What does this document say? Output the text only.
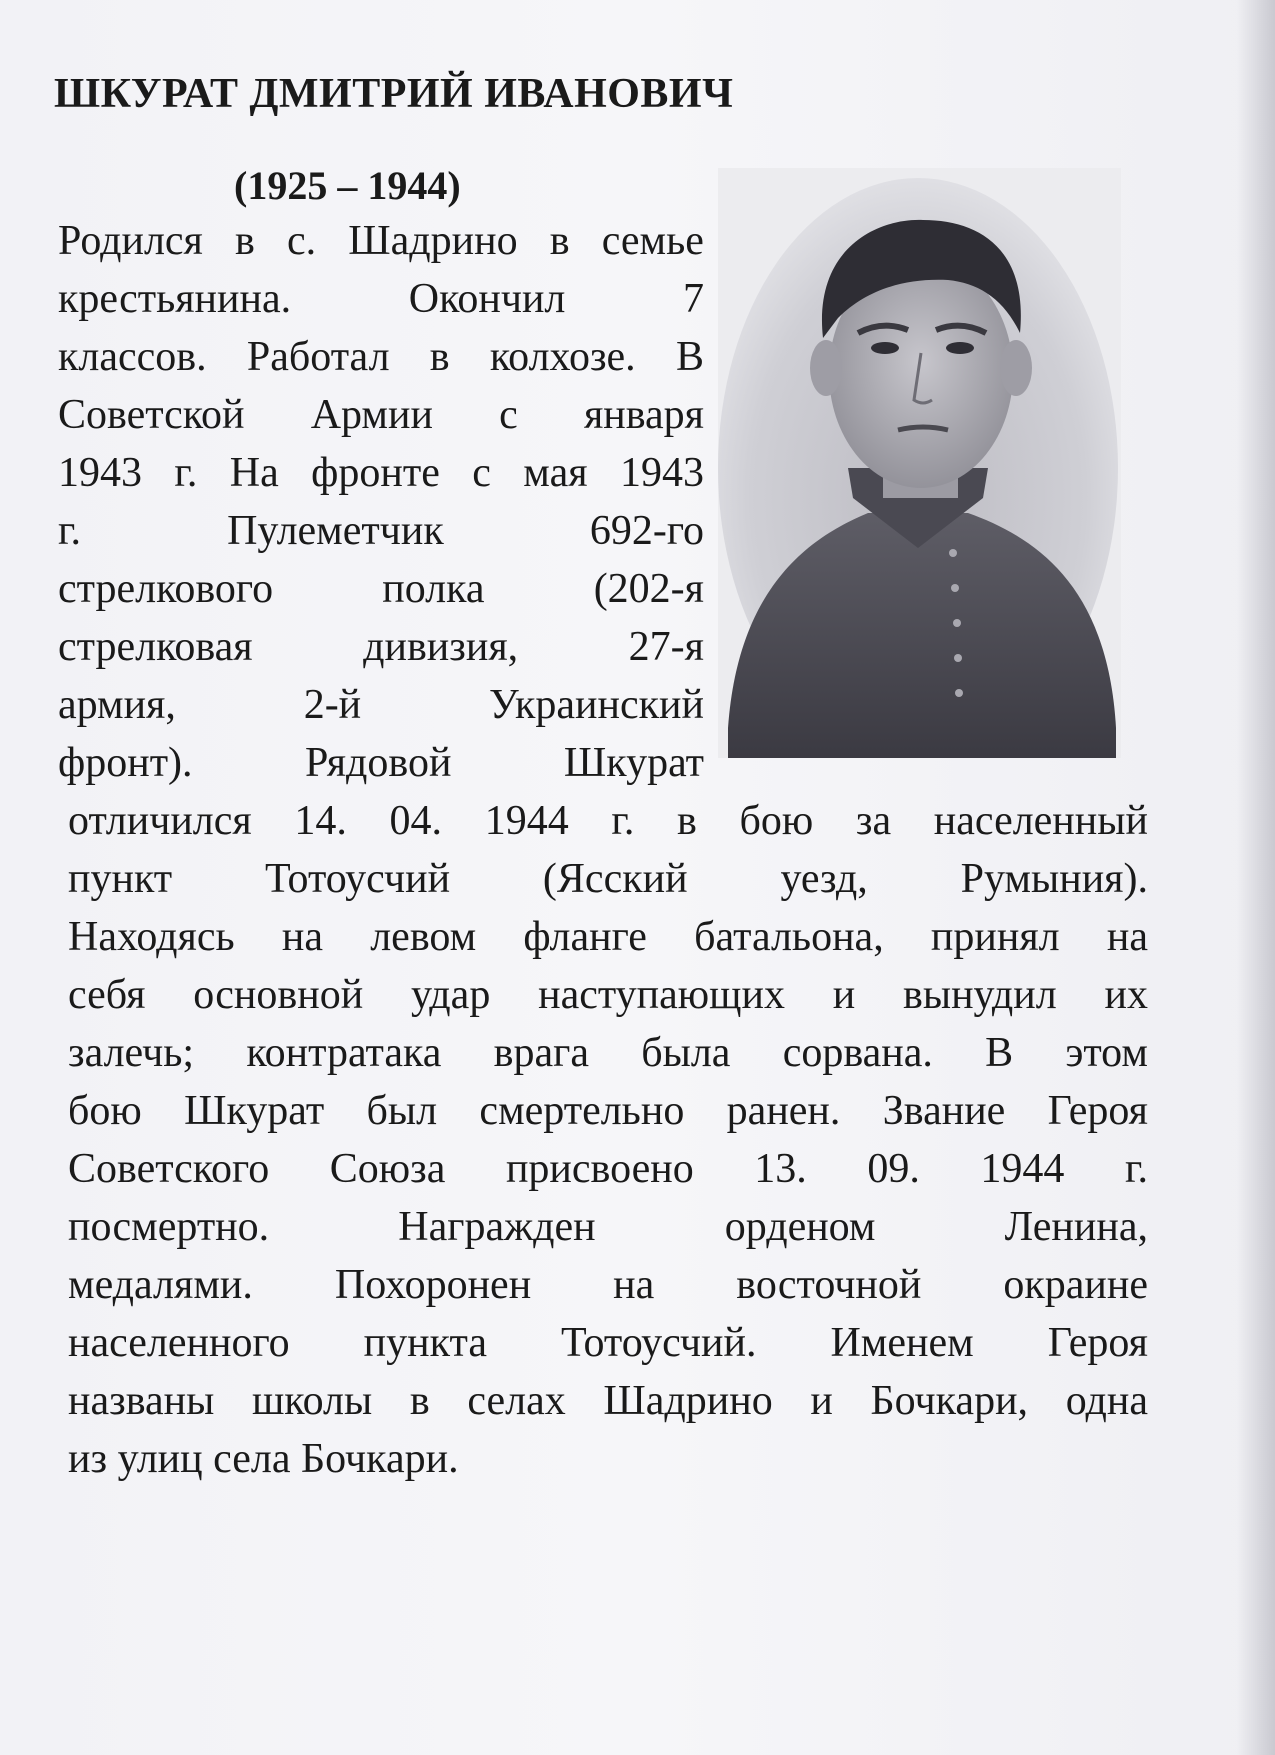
ШКУРАТ ДМИТРИЙ ИВАНОВИЧ
(1925 – 1944)
Родился в с. Шадрино в семье
крестьянина.	Окончил	7
классов. Работал в колхозе. В
Советской Армии с января
1943 г. На фронте с мая 1943
г.	Пулеметчик	692-го
стрелкового	полка	(202-я
стрелковая	дивизия,	27-я
армия,	2-й	Украинский
фронт).	Рядовой	Шкурат
отличился 14. 04. 1944 г. в бою за населенный
пункт Тотоусчий (Ясский уезд, Румыния).
Находясь на левом фланге батальона, принял на
себя основной удар наступающих и вынудил их
залечь; контратака врага была сорвана. В этом
бою Шкурат был смертельно ранен. Звание Героя
Советского Союза присвоено 13. 09. 1944 г.
посмертно.	Награжден	орденом	Ленина,
медалями. Похоронен на восточной окраине
населенного пункта Тотоусчий. Именем Героя
названы школы в селах Шадрино и Бочкари, одна
из улиц села Бочкари.
